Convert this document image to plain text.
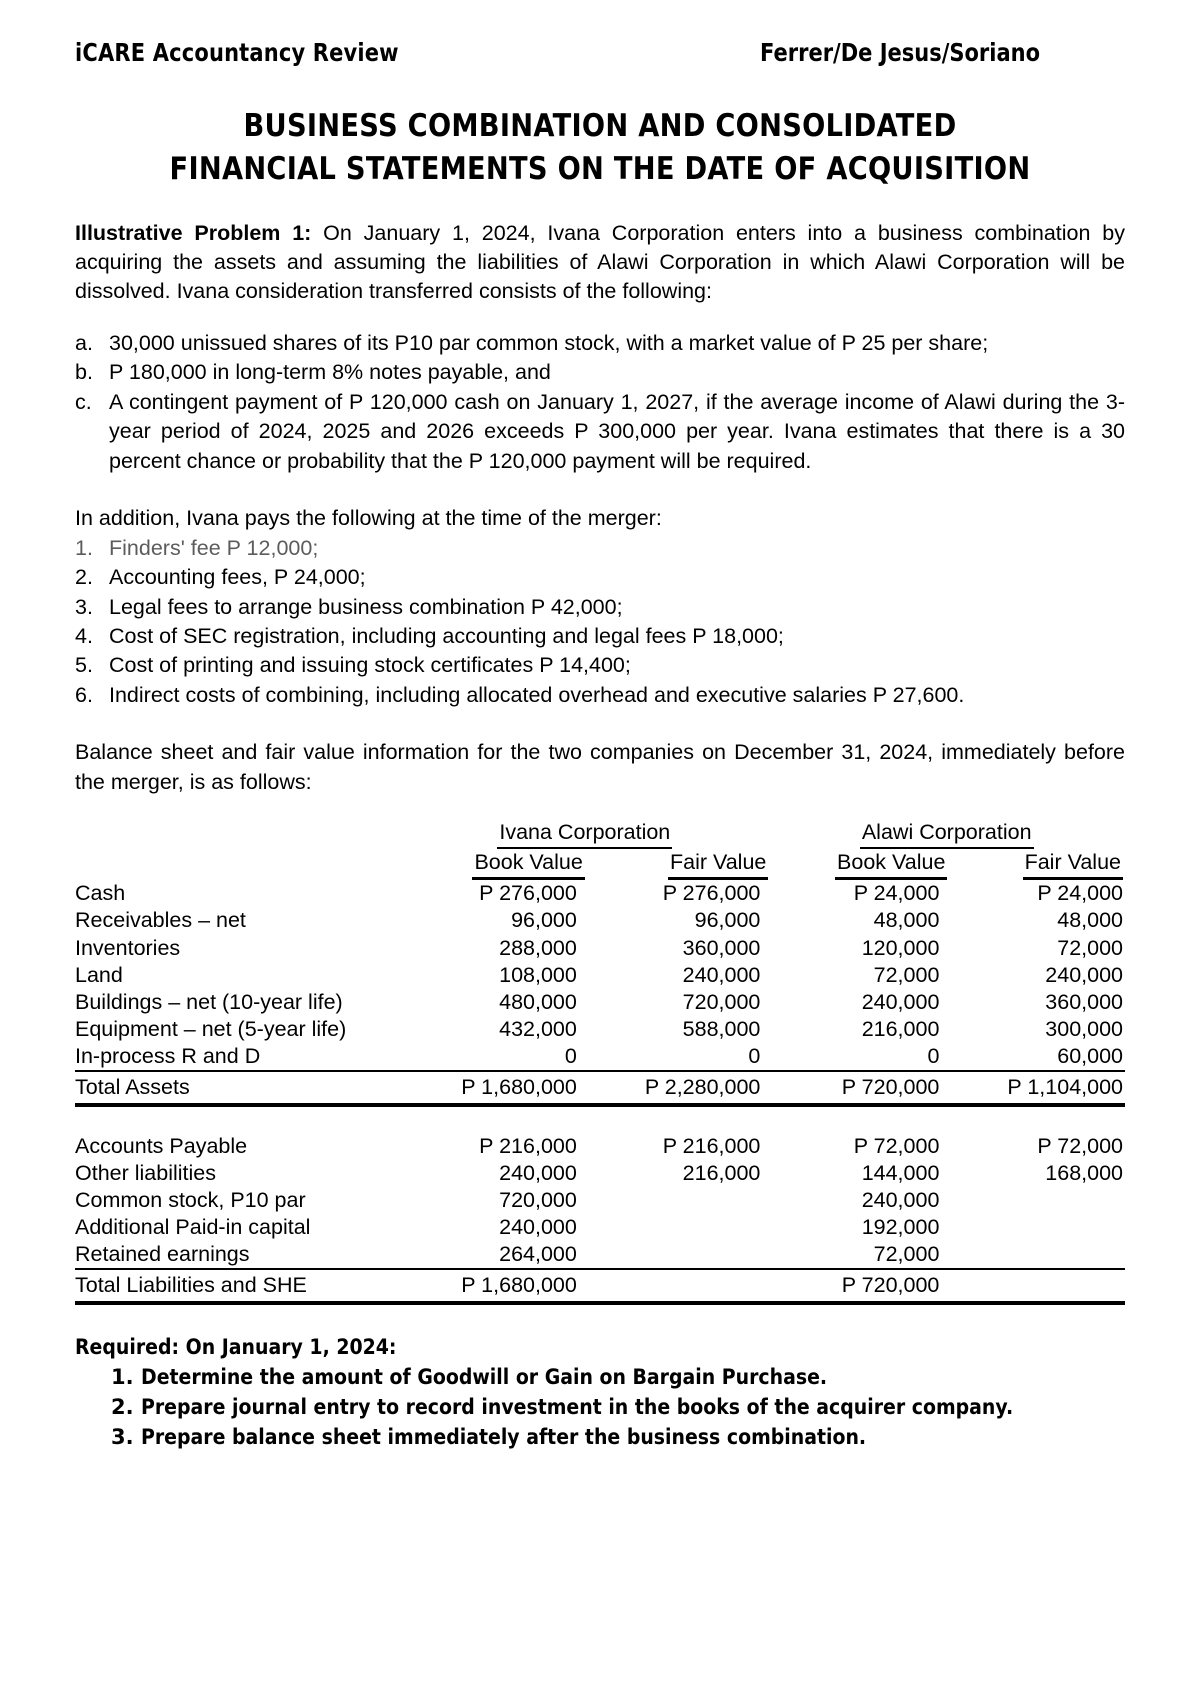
iCARE Accountancy Review	Ferrer/De Jesus/Soriano
BUSINESS COMBINATION AND CONSOLIDATED
FINANCIAL STATEMENTS ON THE DATE OF ACQUISITION

Illustrative Problem 1: On January 1, 2024, Ivana Corporation enters into a business combination by acquiring the assets and assuming the liabilities of Alawi Corporation in which Alawi Corporation will be dissolved. Ivana consideration transferred consists of the following:

a. 30,000 unissued shares of its P10 par common stock, with a market value of P 25 per share;
b. P 180,000 in long-term 8% notes payable, and
c. A contingent payment of P 120,000 cash on January 1, 2027, if the average income of Alawi during the 3-year period of 2024, 2025 and 2026 exceeds P 300,000 per year. Ivana estimates that there is a 30 percent chance or probability that the P 120,000 payment will be required.
In addition, Ivana pays the following at the time of the merger:
1. Finders' fee P 12,000;
2. Accounting fees, P 24,000;
3. Legal fees to arrange business combination P 42,000;
4. Cost of SEC registration, including accounting and legal fees P 18,000;
5. Cost of printing and issuing stock certificates P 14,400;
6. Indirect costs of combining, including allocated overhead and executive salaries P 27,600.

Balance sheet and fair value information for the two companies on December 31, 2024, immediately before the merger, is as follows:

	Ivana Corporation		Alawi Corporation	
	Book Value	Fair Value	Book Value	Fair Value
Cash	P 276,000	P 276,000	P 24,000	P 24,000
Receivables – net	96,000	96,000	48,000	48,000
Inventories	288,000	360,000	120,000	72,000
Land	108,000	240,000	72,000	240,000
Buildings – net (10-year life)	480,000	720,000	240,000	360,000
Equipment – net (5-year life)	432,000	588,000	216,000	300,000
In-process R and D	0	0	0	60,000
Total Assets	P 1,680,000	P 2,280,000	P 720,000	P 1,104,000

Accounts Payable	P 216,000	P 216,000	P 72,000	P 72,000
Other liabilities	240,000	216,000	144,000	168,000
Common stock, P10 par	720,000		240,000	
Additional Paid-in capital	240,000		192,000	
Retained earnings	264,000		72,000	
Total Liabilities and SHE	P 1,680,000		P 720,000	
Required: On January 1, 2024:
1. Determine the amount of Goodwill or Gain on Bargain Purchase.
2. Prepare journal entry to record investment in the books of the acquirer company.
3. Prepare balance sheet immediately after the business combination.
